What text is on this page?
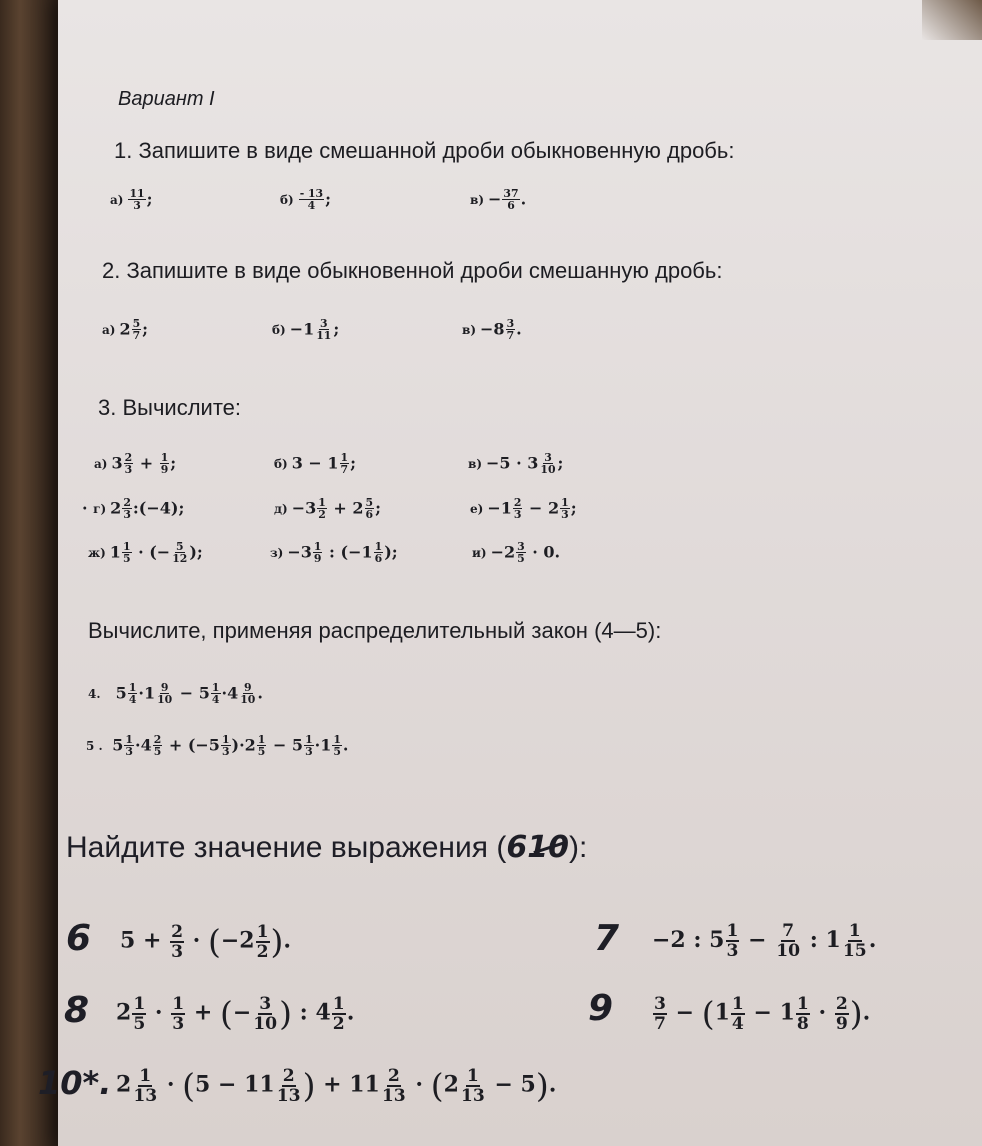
Вариант I
1. Запишите в виде смешанной дроби обыкновенную дробь:
$а) \frac{11}{3}$ ;	$б) \frac{- 13}{4}$ ;	$в) - \frac{37}{6}$ .
2. Запишите в виде обыкновенной дроби смешанную дробь:
а) $2 \frac{5}{7}$ ;	$б) -1 \frac{3}{11}$ ;	$в) -8 \frac{3}{7}$ .
3. Вычислите:
а) $3 \frac{2}{3} + \frac{1}{9}$ ;	б) $3 - 1 \frac{1}{7}$ ;	$в) -5 \cdot 3 \frac{3}{10}$ ;
· г) $2 \frac{2}{3}$ :(−4);	$д) -3 \frac{1}{2} + 2 \frac{5}{6}$ ;	$е) -1 \frac{2}{3} - 2 \frac{1}{3}$ ;
ж) $1 \frac{1}{5}$ · (− $\frac{5}{12}$ );	$з) -3 \frac{1}{9}$ : ($-1 \frac{1}{6}$ );	$и) -2 \frac{3}{5} \cdot 0$.
Вычислите, применяя распределительный закон (4—5):
4.  $5 \frac{1}{4} \cdot 1 \frac{9}{10} - 5 \frac{1}{4} \cdot 4 \frac{9}{10}$ .
5 . $5 \frac{1}{3} \cdot 4 \frac{2}{5} + (-5 \frac{1}{3} )\cdot 2 \frac{1}{5} - 5 \frac{1}{3} \cdot 1 \frac{1}{5}$ .
Найдите значение выражения (610):
6 $5 + \frac{2}{3} \cdot (-2 \frac{1}{2}$ ).	7 −2 : $5 \frac{1}{3} - \frac{7}{10}$ : $1 \frac{1}{15}$ .
8 $2 \frac{1}{5} \cdot \frac{1}{3}$ + (− $\frac{3}{10}$ ) : $4 \frac{1}{2}$ .	$9 \frac{3}{7} - (1 \frac{1}{4} - 1 \frac{1}{8} \cdot \frac{2}{9}$ ).
10*. $2 \frac{1}{13} \cdot (5 - 11 \frac{2}{13}$ ) + $11 \frac{2}{13} \cdot (2 \frac{1}{13} - 5)$.
